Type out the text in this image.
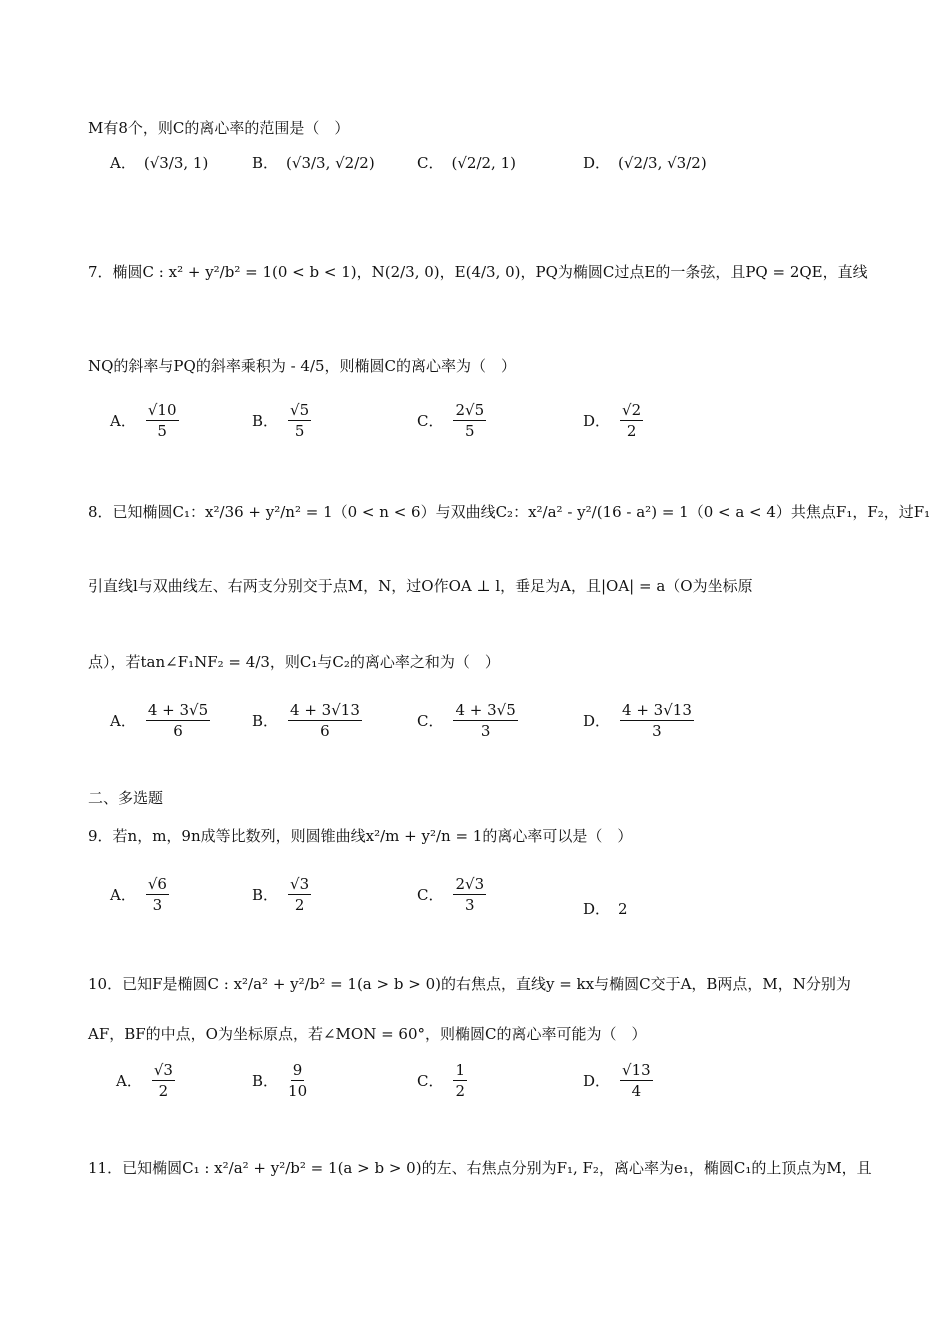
M有8个，则C的离心率的范围是（　）
A． (√3/3, 1)	B． (√3/3, √2/2)	C． (√2/2, 1)	D． (√2/3, √3/2)
7．椭圆C : x² + y²/b² = 1(0 < b < 1)，N(2/3, 0)，E(4/3, 0)，PQ为椭圆C过点E的一条弦，且PQ = 2QE，直线
NQ的斜率与PQ的斜率乘积为 - 4/5，则椭圆C的离心率为（　）
A． $\frac{√10}{5}$	B． $\frac{√5}{5}$	C． $\frac{2√5}{5}$	D． $\frac{√2}{2}$
8．已知椭圆C₁：x²/36 + y²/n² = 1（0 < n < 6）与双曲线C₂：x²/a² - y²/(16 - a²) = 1（0 < a < 4）共焦点F₁，F₂，过F₁
引直线l与双曲线左、右两支分别交于点M，N，过O作OA ⊥ l，垂足为A，且|OA| = a（O为坐标原
点），若tan∠F₁NF₂ = 4/3，则C₁与C₂的离心率之和为（　）
A． $\frac{4 + 3√5}{6}$	B． $\frac{4 + 3√13}{6}$	C． $\frac{4 + 3√5}{3}$	D． $\frac{4 + 3√13}{3}$
二、多选题
9．若n，m，9n成等比数列，则圆锥曲线x²/m + y²/n = 1的离心率可以是（　）
A． $\frac{√6}{3}$	B． $\frac{√3}{2}$	C． $\frac{2√3}{3}$	D． 2
10．已知F是椭圆C : x²/a² + y²/b² = 1(a > b > 0)的右焦点，直线y = kx与椭圆C交于A，B两点，M，N分别为
AF，BF的中点，O为坐标原点，若∠MON = 60°，则椭圆C的离心率可能为（　）
A． $\frac{√3}{2}$	B． $\frac{9}{10}$	C． $\frac{1}{2}$	D． $\frac{√13}{4}$
11．已知椭圆C₁ : x²/a² + y²/b² = 1(a > b > 0)的左、右焦点分别为F₁, F₂，离心率为e₁，椭圆C₁的上顶点为M，且
